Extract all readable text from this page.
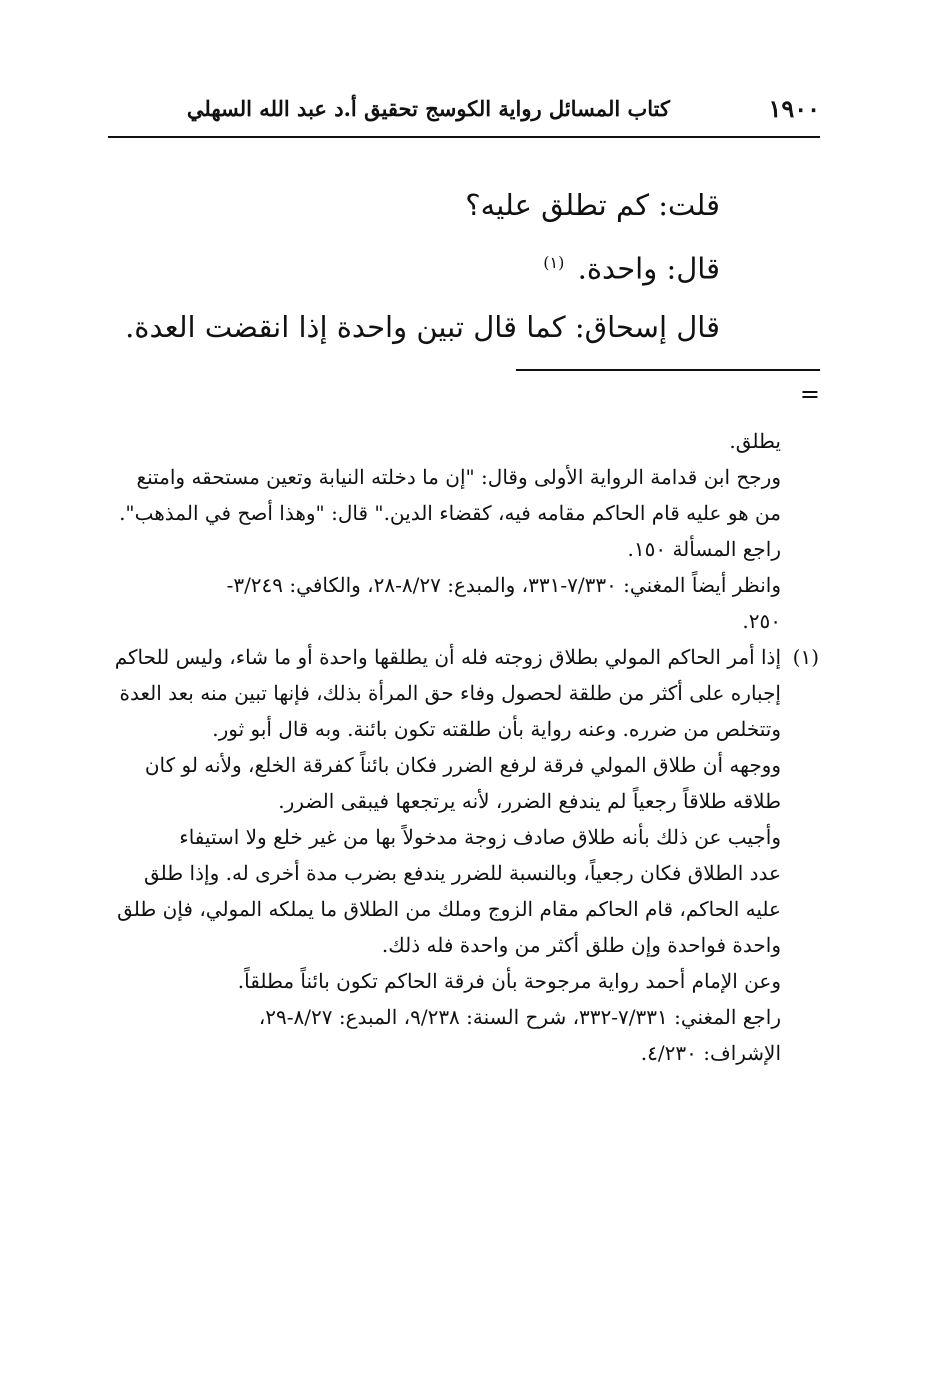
١٩٠٠
كتاب المسائل رواية الكوسج تحقيق أ.د عبد الله السهلي
قلت: كم تطلق عليه؟
قال: واحدة. $^{(١)}$
قال إسحاق: كما قال تبين واحدة إذا انقضت العدة.
=
يطلق.
ورجح ابن قدامة الرواية الأولى وقال: "إن ما دخلته النيابة وتعين مستحقه وامتنع
من هو عليه قام الحاكم مقامه فيه، كقضاء الدين." قال: "وهذا أصح في المذهب".
راجع المسألة ١٥٠.
وانظر أيضاً المغني: ٧/٣٣٠-٣٣١، والمبدع: ٨/٢٧-٢٨، والكافي: ٣/٢٤٩-
٢٥٠.
(١)
إذا أمر الحاكم المولي بطلاق زوجته فله أن يطلقها واحدة أو ما شاء، وليس للحاكم
إجباره على أكثر من طلقة لحصول وفاء حق المرأة بذلك، فإنها تبين منه بعد العدة
وتتخلص من ضرره. وعنه رواية بأن طلقته تكون بائنة. وبه قال أبو ثور.
ووجهه أن طلاق المولي فرقة لرفع الضرر فكان بائناً كفرقة الخلع، ولأنه لو كان
طلاقه طلاقاً رجعياً لم يندفع الضرر، لأنه يرتجعها فيبقى الضرر.
وأجيب عن ذلك بأنه طلاق صادف زوجة مدخولاً بها من غير خلع ولا استيفاء
عدد الطلاق فكان رجعياً، وبالنسبة للضرر يندفع بضرب مدة أخرى له. وإذا طلق
عليه الحاكم، قام الحاكم مقام الزوج وملك من الطلاق ما يملكه المولي، فإن طلق
واحدة فواحدة وإن طلق أكثر من واحدة فله ذلك.
وعن الإمام أحمد رواية مرجوحة بأن فرقة الحاكم تكون بائناً مطلقاً.
راجع المغني: ٧/٣٣١-٣٣٢، شرح السنة: ٩/٢٣٨، المبدع: ٨/٢٧-٢٩،
الإشراف: ٤/٢٣٠.
